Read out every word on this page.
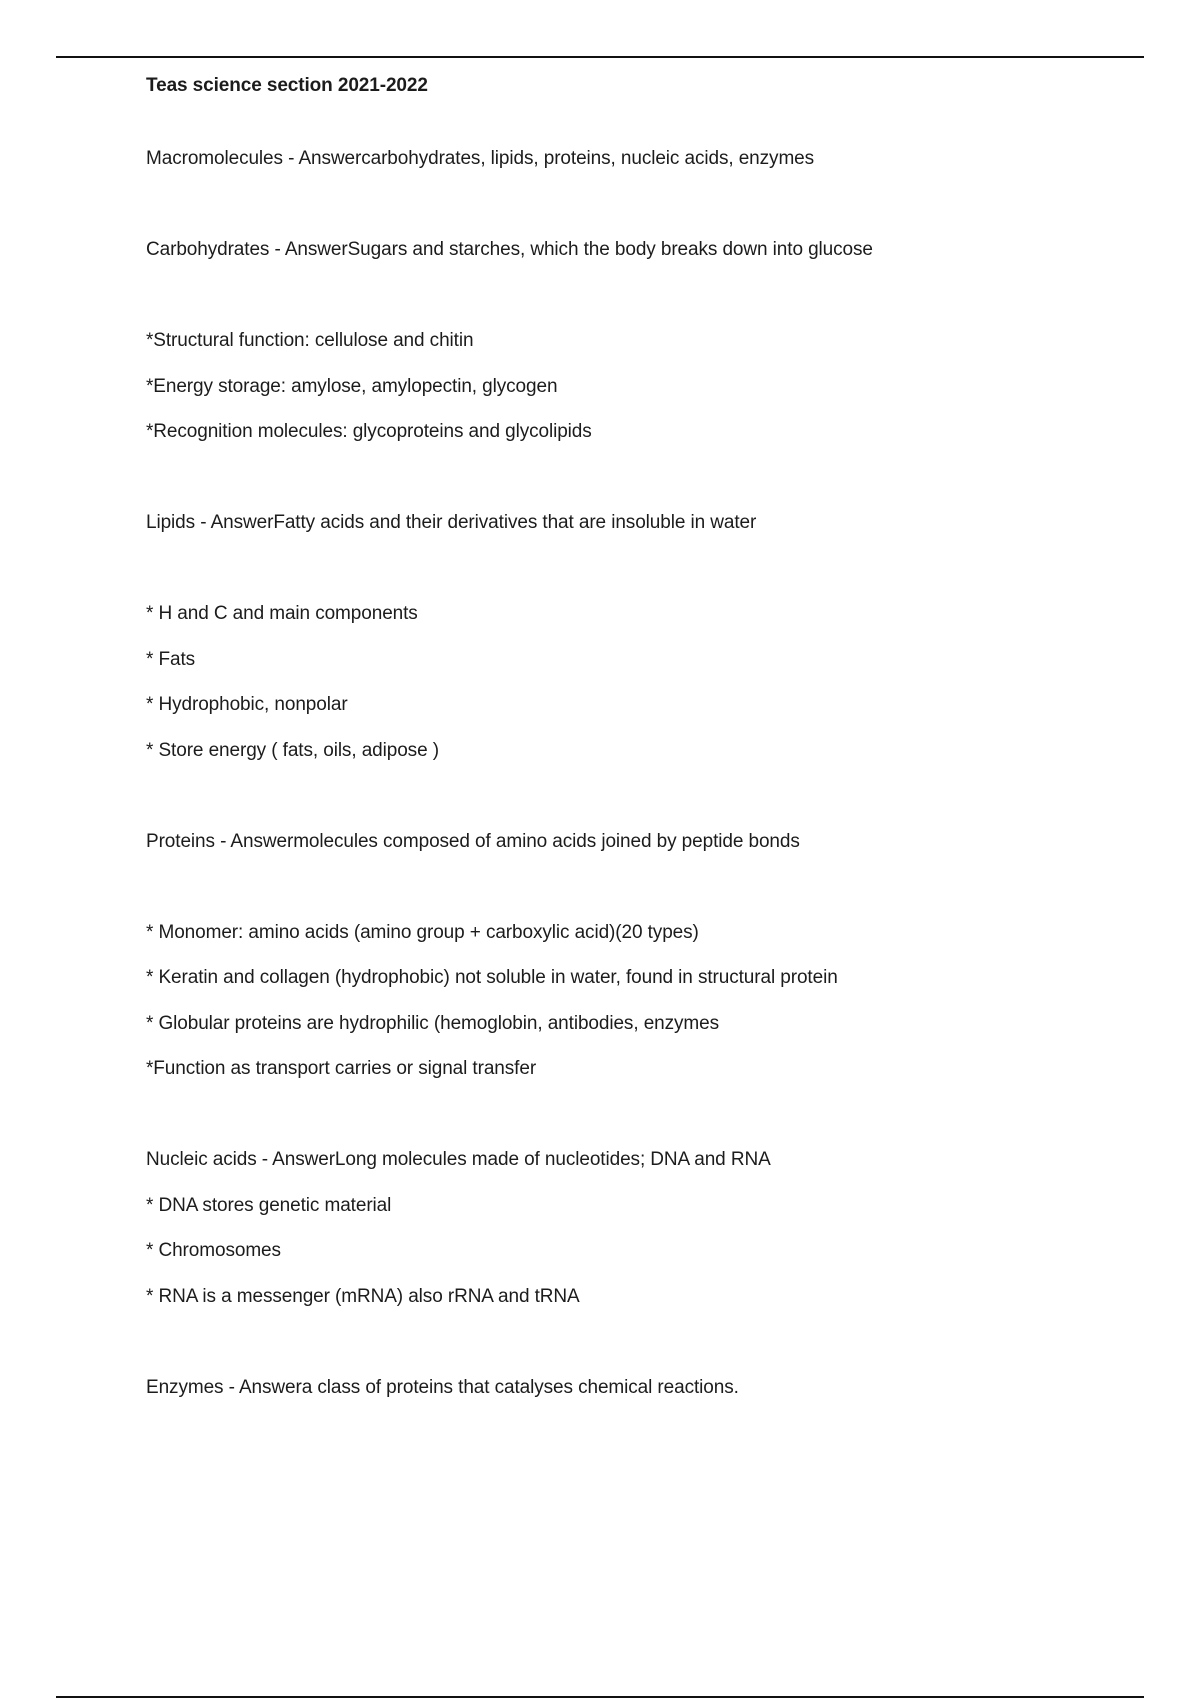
Teas science section 2021-2022
Macromolecules - Answercarbohydrates, lipids, proteins, nucleic acids, enzymes
Carbohydrates - AnswerSugars and starches, which the body breaks down into glucose
*Structural function: cellulose and chitin
*Energy storage: amylose, amylopectin, glycogen
*Recognition molecules: glycoproteins and glycolipids
Lipids - AnswerFatty acids and their derivatives that are insoluble in water
* H and C and main components
* Fats
* Hydrophobic, nonpolar
* Store energy ( fats, oils, adipose )
Proteins - Answermolecules composed of amino acids joined by peptide bonds
* Monomer: amino acids (amino group + carboxylic acid)(20 types)
* Keratin and collagen (hydrophobic) not soluble in water, found in structural protein
* Globular proteins are hydrophilic (hemoglobin, antibodies, enzymes
*Function as transport carries or signal transfer
Nucleic acids - AnswerLong molecules made of nucleotides; DNA and RNA
* DNA stores genetic material
* Chromosomes
* RNA is a messenger (mRNA) also rRNA and tRNA
Enzymes - Answera class of proteins that catalyses chemical reactions.
